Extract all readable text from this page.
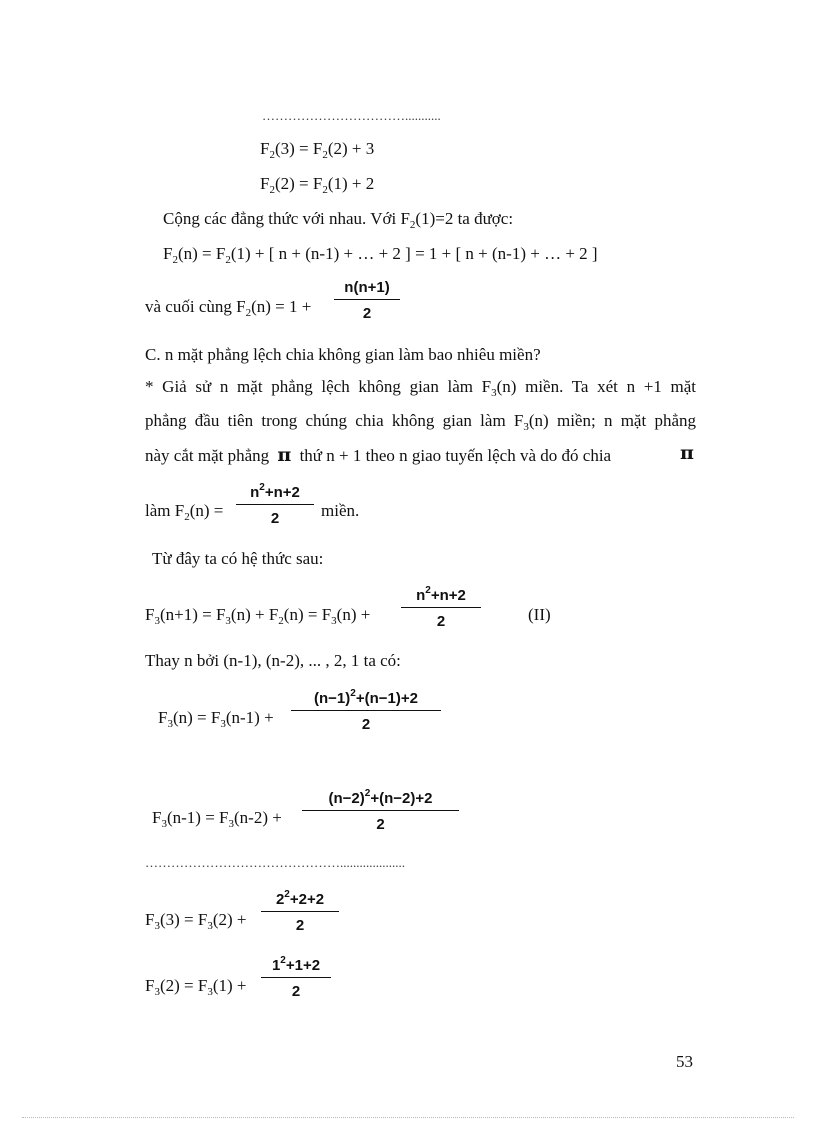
……………………………...........
$F_2(3) = F_2(2) + 3$
$F_2(2) = F_2(1) + 2$
Cộng các đẳng thức với nhau. Với $F_2(1)=2$ ta được:
$F_2(n) = F_2(1)$ + [ n + (n-1) + … + 2 ] = 1 + [ n + (n-1) + … + 2 ]
và cuối cùng $F_2(n) = 1 + \frac{n(n+1)}{2}$
C. n mặt phẳng lệch chia không gian làm bao nhiêu miền?
* Giả sử n mặt phẳng lệch không gian làm $F_3(n)$ miền. Ta xét n +1 mặt
phẳng đầu tiên trong chúng chia không gian làm $F_3(n)$ miền; n mặt phẳng
này cắt mặt phẳng π thứ n + 1 theo n giao tuyến lệch và do đó chia	π
làm $F_2(n) = \frac{n^2+n+2}{2}$ miền.
Từ đây ta có hệ thức sau:
$F_3(n+1) = F_3(n) + F_2(n) = F_3(n) + \frac{n^2+n+2}{2}$	(II)
Thay n bởi (n-1), (n-2), ... , 2, 1 ta có:
$F_3(n) = F_3(n-1) + \frac{(n-1)^2+(n-1)+2}{2}$
$F_3(n-1) = F_3(n-2) + \frac{(n-2)^2+(n-2)+2}{2}$
………………………………………....................
$F_3(3) = F_3(2) + \frac{2^2+2+2}{2}$
$F_3(2) = F_3(1) + \frac{1^2+1+2}{2}$
53
